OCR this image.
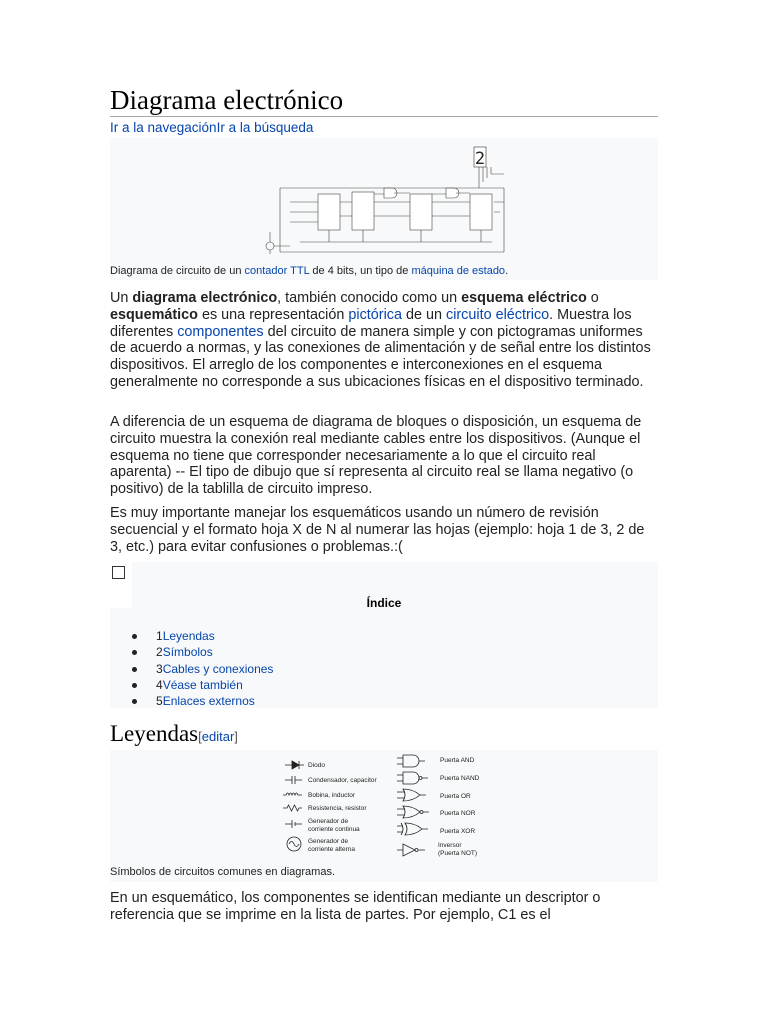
Diagrama electrónico
Ir a la navegaciónIr a la búsqueda
2
Diagrama de circuito de un contador TTL de 4 bits, un tipo de máquina de estado.
Un diagrama electrónico, también conocido como un esquema eléctrico o esquemático es una representación pictórica de un circuito eléctrico. Muestra los diferentes componentes del circuito de manera simple y con pictogramas uniformes de acuerdo a normas, y las conexiones de alimentación y de señal entre los distintos dispositivos. El arreglo de los componentes e interconexiones en el esquema generalmente no corresponde a sus ubicaciones físicas en el dispositivo terminado.
A diferencia de un esquema de diagrama de bloques o disposición, un esquema de circuito muestra la conexión real mediante cables entre los dispositivos. (Aunque el esquema no tiene que corresponder necesariamente a lo que el circuito real aparenta) -- El tipo de dibujo que sí representa al circuito real se llama negativo (o positivo) de la tablilla de circuito impreso.
Es muy importante manejar los esquemáticos usando un número de revisión secuencial y el formato hoja X de N al numerar las hojas (ejemplo: hoja 1 de 3, 2 de 3, etc.) para evitar confusiones o problemas.:(
Índice
1Leyendas
2Símbolos
3Cables y conexiones
4Véase también
5Enlaces externos
Leyendas[editar]
Diodo
Condensador, capacitor
Bobina, inductor
Resistencia, resistor
Generador de
corriente continua
Generador de
corriente alterna
Puerta AND
Puerta NAND
Puerta OR
Puerta NOR
Puerta XOR
Inversor
(Puerta NOT)
Símbolos de circuitos comunes en diagramas.
En un esquemático, los componentes se identifican mediante un descriptor o referencia que se imprime en la lista de partes. Por ejemplo, C1 es el
